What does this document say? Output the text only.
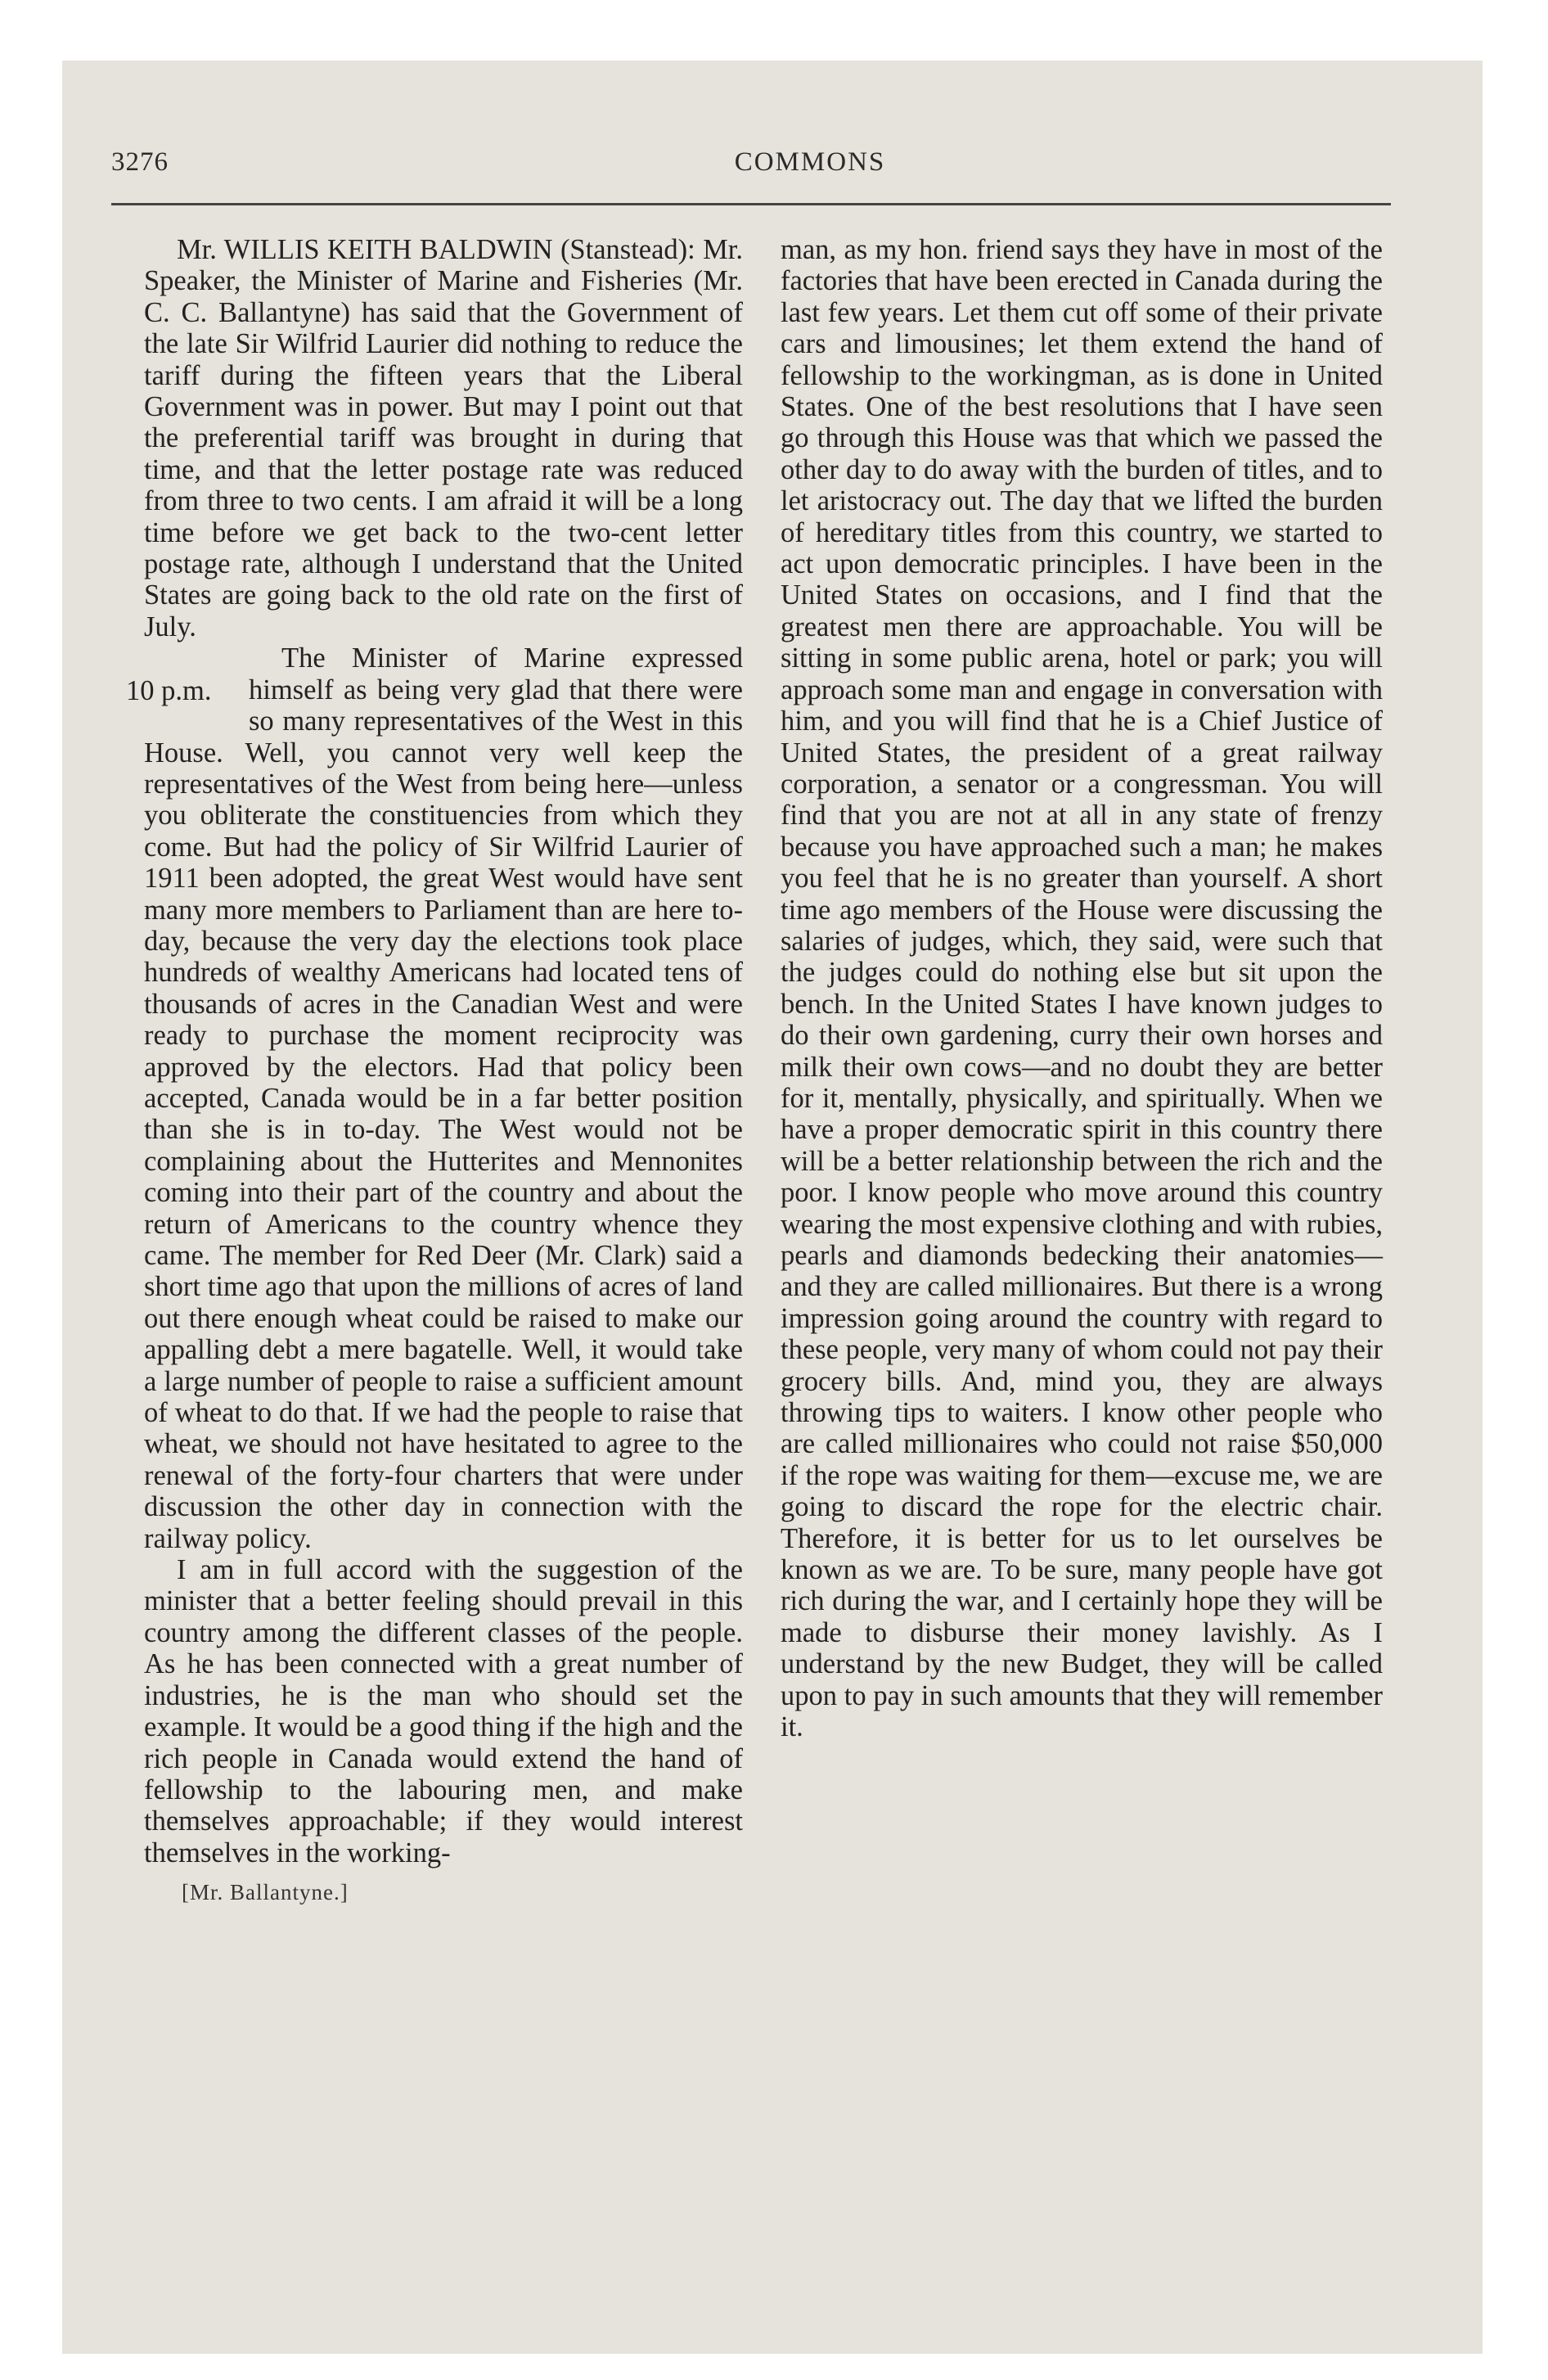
3276	COMMONS

Mr. WILLIS KEITH BALDWIN (Stanstead): Mr. Speaker, the Minister of Marine and Fisheries (Mr. C. C. Ballantyne) has said that the Government of the late Sir Wilfrid Laurier did nothing to reduce the tariff during the fifteen years that the Liberal Government was in power. But may I point out that the preferential tariff was brought in during that time, and that the letter postage rate was reduced from three to two cents. I am afraid it will be a long time before we get back to the two-cent letter postage rate, although I understand that the United States are going back to the old rate on the first of July.

10 p.m.

The Minister of Marine expressed himself as being very glad that there were so many representatives of the West in this House. Well, you cannot very well keep the representatives of the West from being here—unless you obliterate the constituencies from which they come. But had the policy of Sir Wilfrid Laurier of 1911 been adopted, the great West would have sent many more members to Parliament than are here to-day, because the very day the elections took place hundreds of wealthy Americans had located tens of thousands of acres in the Canadian West and were ready to purchase the moment reciprocity was approved by the electors. Had that policy been accepted, Canada would be in a far better position than she is in to-day. The West would not be complaining about the Hutterites and Mennonites coming into their part of the country and about the return of Americans to the country whence they came. The member for Red Deer (Mr. Clark) said a short time ago that upon the millions of acres of land out there enough wheat could be raised to make our appalling debt a mere bagatelle. Well, it would take a large number of people to raise a sufficient amount of wheat to do that. If we had the people to raise that wheat, we should not have hesitated to agree to the renewal of the forty-four charters that were under discussion the other day in connection with the railway policy.

I am in full accord with the suggestion of the minister that a better feeling should prevail in this country among the different classes of the people. As he has been connected with a great number of industries, he is the man who should set the example. It would be a good thing if the high and the rich people in Canada would extend the hand of fellowship to the labouring men, and make themselves approachable; if they would interest themselves in the working-

man, as my hon. friend says they have in most of the factories that have been erected in Canada during the last few years. Let them cut off some of their private cars and limousines; let them extend the hand of fellowship to the workingman, as is done in United States. One of the best resolutions that I have seen go through this House was that which we passed the other day to do away with the burden of titles, and to let aristocracy out. The day that we lifted the burden of hereditary titles from this country, we started to act upon democratic principles. I have been in the United States on occasions, and I find that the greatest men there are approachable. You will be sitting in some public arena, hotel or park; you will approach some man and engage in conversation with him, and you will find that he is a Chief Justice of United States, the president of a great railway corporation, a senator or a congressman. You will find that you are not at all in any state of frenzy because you have approached such a man; he makes you feel that he is no greater than yourself. A short time ago members of the House were discussing the salaries of judges, which, they said, were such that the judges could do nothing else but sit upon the bench. In the United States I have known judges to do their own gardening, curry their own horses and milk their own cows—and no doubt they are better for it, mentally, physically, and spiritually. When we have a proper democratic spirit in this country there will be a better relationship between the rich and the poor. I know people who move around this country wearing the most expensive clothing and with rubies, pearls and diamonds bedecking their anatomies—and they are called millionaires. But there is a wrong impression going around the country with regard to these people, very many of whom could not pay their grocery bills. And, mind you, they are always throwing tips to waiters. I know other people who are called millionaires who could not raise $50,000 if the rope was waiting for them—excuse me, we are going to discard the rope for the electric chair. Therefore, it is better for us to let ourselves be known as we are. To be sure, many people have got rich during the war, and I certainly hope they will be made to disburse their money lavishly. As I understand by the new Budget, they will be called upon to pay in such amounts that they will remember it.

[Mr. Ballantyne.]
